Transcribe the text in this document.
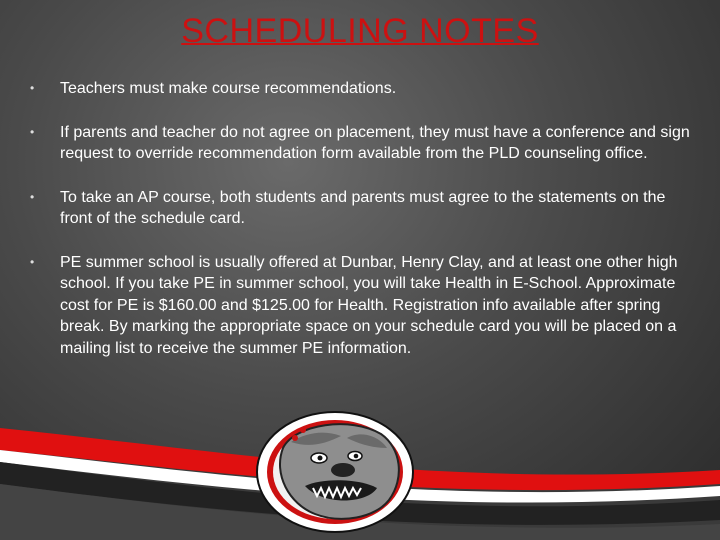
SCHEDULING NOTES
• Teachers must make course recommendations.
• If parents and teacher do not agree on placement, they must have a conference and sign request to override recommendation form available from the PLD counseling office.
• To take an AP course, both students and parents must agree to the statements on the front of the schedule card.
• PE summer school is usually offered at Dunbar, Henry Clay, and at least one other high school. If you take PE in summer school, you will take Health in E-School. Approximate cost for PE is $160.00 and $125.00 for Health. Registration info available after spring break. By marking the appropriate space on your schedule card you will be placed on a mailing list to receive the summer PE information.
